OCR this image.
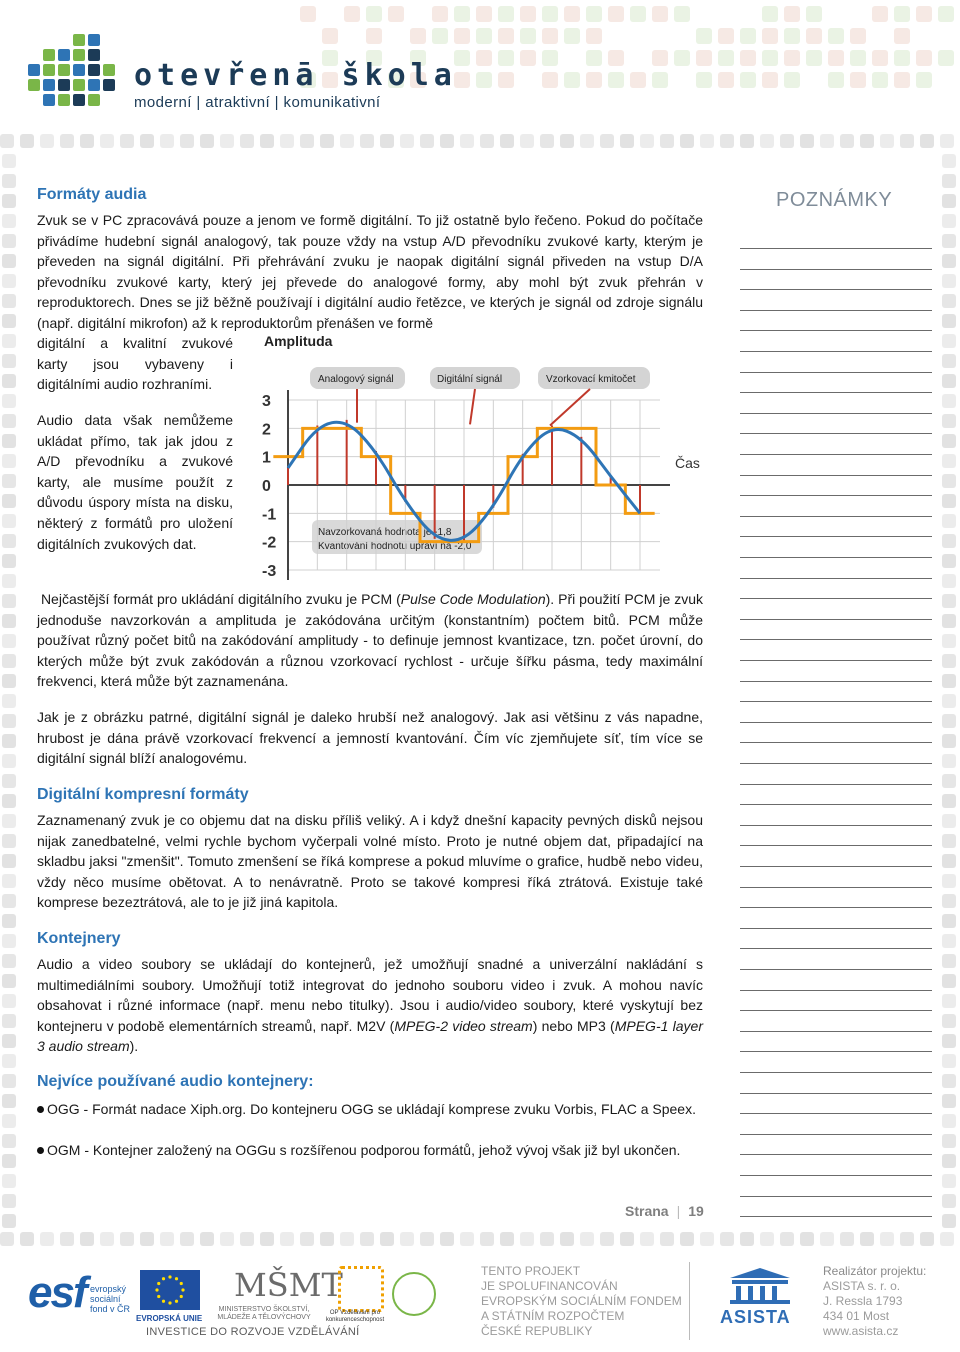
otevřenā škola
moderní | atraktivní | komunikativní
Formáty audia
Zvuk se v PC zpracovává pouze a jenom ve formě digitální. To již ostatně bylo řečeno. Pokud do počítače přivádíme hudební signál analogový, tak pouze vždy na vstup A/D převodníku zvukové karty, kterým je převeden na signál digitální. Při přehrávání zvuku je naopak digitální signál přiveden na vstup D/A převodníku zvukové karty, který jej převede do analogové formy, aby mohl být zvuk přehrán v reproduktorech. Dnes se již běžně používají i digitální audio řetězce, ve kterých je signál od zdroje signálu (např. digitální mikrofon) až k reproduktorům přenášen ve formě
digitální a kvalitní zvukové karty jsou vybaveny i digitálními audio rozhraními.
Audio data však nemůžeme ukládat přímo, tak jak jdou z A/D převodníku a zvukové karty, ale musíme použít z důvodu úspory místa na disku, některý z formátů pro uložení digitálních zvukových dat.
Amplituda
Čas
Analogový signál	Digitální signál	Vzorkovací kmitočet
Navzorkovaná hodnota je -1,8
Kvantování hodnotu upraví na -2,0
3
2
1
0
-1
-2
-3
Nejčastější formát pro ukládání digitálního zvuku je PCM (Pulse Code Modulation). Při použití PCM je zvuk jednoduše navzorkován a amplituda je zakódována určitým (konstantním) počtem bitů. PCM může používat různý počet bitů na zakódování amplitudy - to definuje jemnost kvantizace, tzn. počet úrovní, do kterých může být zvuk zakódován a různou vzorkovací rychlost - určuje šířku pásma, tedy maximální frekvenci, která může být zaznamenána.
Jak je z obrázku patrné, digitální signál je daleko hrubší než analogový. Jak asi většinu z vás napadne, hrubost je dána právě vzorkovací frekvencí a jemností kvantování. Čím víc zjemňujete síť, tím více se digitální signál blíží analogovému.
Digitální kompresní formáty
Zaznamenaný zvuk je co objemu dat na disku příliš veliký. A i když dnešní kapacity pevných disků nejsou nijak zanedbatelné, velmi rychle bychom vyčerpali volné místo. Proto je nutné objem dat, připadající na skladbu jaksi "zmenšit". Tomuto zmenšení se říká komprese a pokud mluvíme o grafice, hudbě nebo videu, vždy něco musíme obětovat. A to nenávratně. Proto se takové kompresi říká ztrátová. Existuje také komprese bezeztrátová, ale to je již jiná kapitola.
Kontejnery
Audio a video soubory se ukládají do kontejnerů, jež umožňují snadné a univerzální nakládání s multimediálními soubory. Umožňují totiž integrovat do jednoho souboru video i zvuk. A mohou navíc obsahovat i různé informace (např. menu nebo titulky). Jsou i audio/video soubory, které vyskytují bez kontejneru v podobě elementárních streamů, např. M2V (MPEG-2 video stream) nebo MP3 (MPEG-1 layer 3 audio stream).
Nejvíce používané audio kontejnery:
OGG - Formát nadace Xiph.org. Do kontejneru OGG se ukládají komprese zvuku Vorbis, FLAC a Speex.
OGM - Kontejner založený na OGGu s rozšířenou podporou formátů, jehož vývoj však již byl ukončen.
POZNÁMKY
Strana | 19
esf evropský sociální fond v ČR
EVROPSKÁ UNIE
MŠMT
MINISTERSTVO ŠKOLSTVÍ, MLÁDEŽE A TĚLOVÝCHOVY
OP Vzdělávání pro konkurenceschopnost
INVESTICE DO ROZVOJE VZDĚLÁVÁNÍ
TENTO PROJEKT
JE SPOLUFINANCOVÁN
EVROPSKÝM SOCIÁLNÍM FONDEM
A STÁTNÍM ROZPOČTEM
ČESKÉ REPUBLIKY
ASISTA
Realizátor projektu:
ASISTA s. r. o.
J. Ressla 1793
434 01 Most
www.asista.cz
